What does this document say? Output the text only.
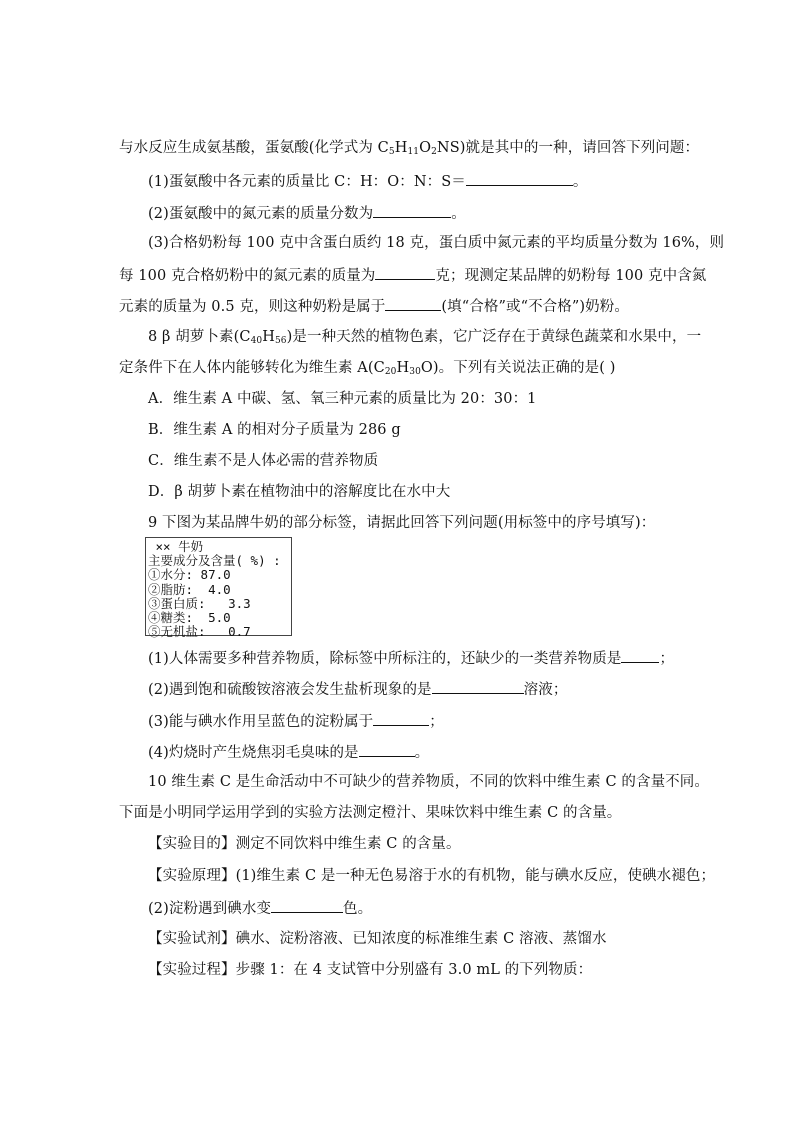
与水反应生成氨基酸，蛋氨酸(化学式为 $C_5H_{11}O_2NS$)就是其中的一种，请回答下列问题：
(1)蛋氨酸中各元素的质量比 C：H：O：N：S＝	。
(2)蛋氨酸中的氮元素的质量分数为	。
(3)合格奶粉每 100 克中含蛋白质约 18 克，蛋白质中氮元素的平均质量分数为 16%，则
每 100 克合格奶粉中的氮元素的质量为	克；现测定某品牌的奶粉每 100 克中含氮
元素的质量为 0.5 克，则这种奶粉是属于	(填“合格”或“不合格”)奶粉。
8 β 胡萝卜素$(C_{40}H_{56})$是一种天然的植物色素，它广泛存在于黄绿色蔬菜和水果中，一
定条件下在人体内能够转化为维生素 $A(C_{20}H_{30}O)$。下列有关说法正确的是( )
A．维生素 A 中碳、氢、氧三种元素的质量比为 20：30：1
B．维生素 A 的相对分子质量为 286 g
C．维生素不是人体必需的营养物质
D．β 胡萝卜素在植物油中的溶解度比在水中大
9 下图为某品牌牛奶的部分标签，请据此回答下列问题(用标签中的序号填写)：
×× 牛奶
主要成分及含量( %) :
①水分: 87.0
②脂肪:  4.0
③蛋白质:   3.3
④糖类:  5.0
⑤无机盐:   0.7
(1)人体需要多种营养物质，除标签中所标注的，还缺少的一类营养物质是	；
(2)遇到饱和硫酸铵溶液会发生盐析现象的是	溶液；
(3)能与碘水作用呈蓝色的淀粉属于	；
(4)灼烧时产生烧焦羽毛臭味的是	。
10 维生素 C 是生命活动中不可缺少的营养物质，不同的饮料中维生素 C 的含量不同。
下面是小明同学运用学到的实验方法测定橙汁、果味饮料中维生素 C 的含量。
【实验目的】测定不同饮料中维生素 C 的含量。
【实验原理】(1)维生素 C 是一种无色易溶于水的有机物，能与碘水反应，使碘水褪色；
(2)淀粉遇到碘水变	色。
【实验试剂】碘水、淀粉溶液、已知浓度的标准维生素 C 溶液、蒸馏水
【实验过程】步骤 1：在 4 支试管中分别盛有 3.0 mL 的下列物质：
